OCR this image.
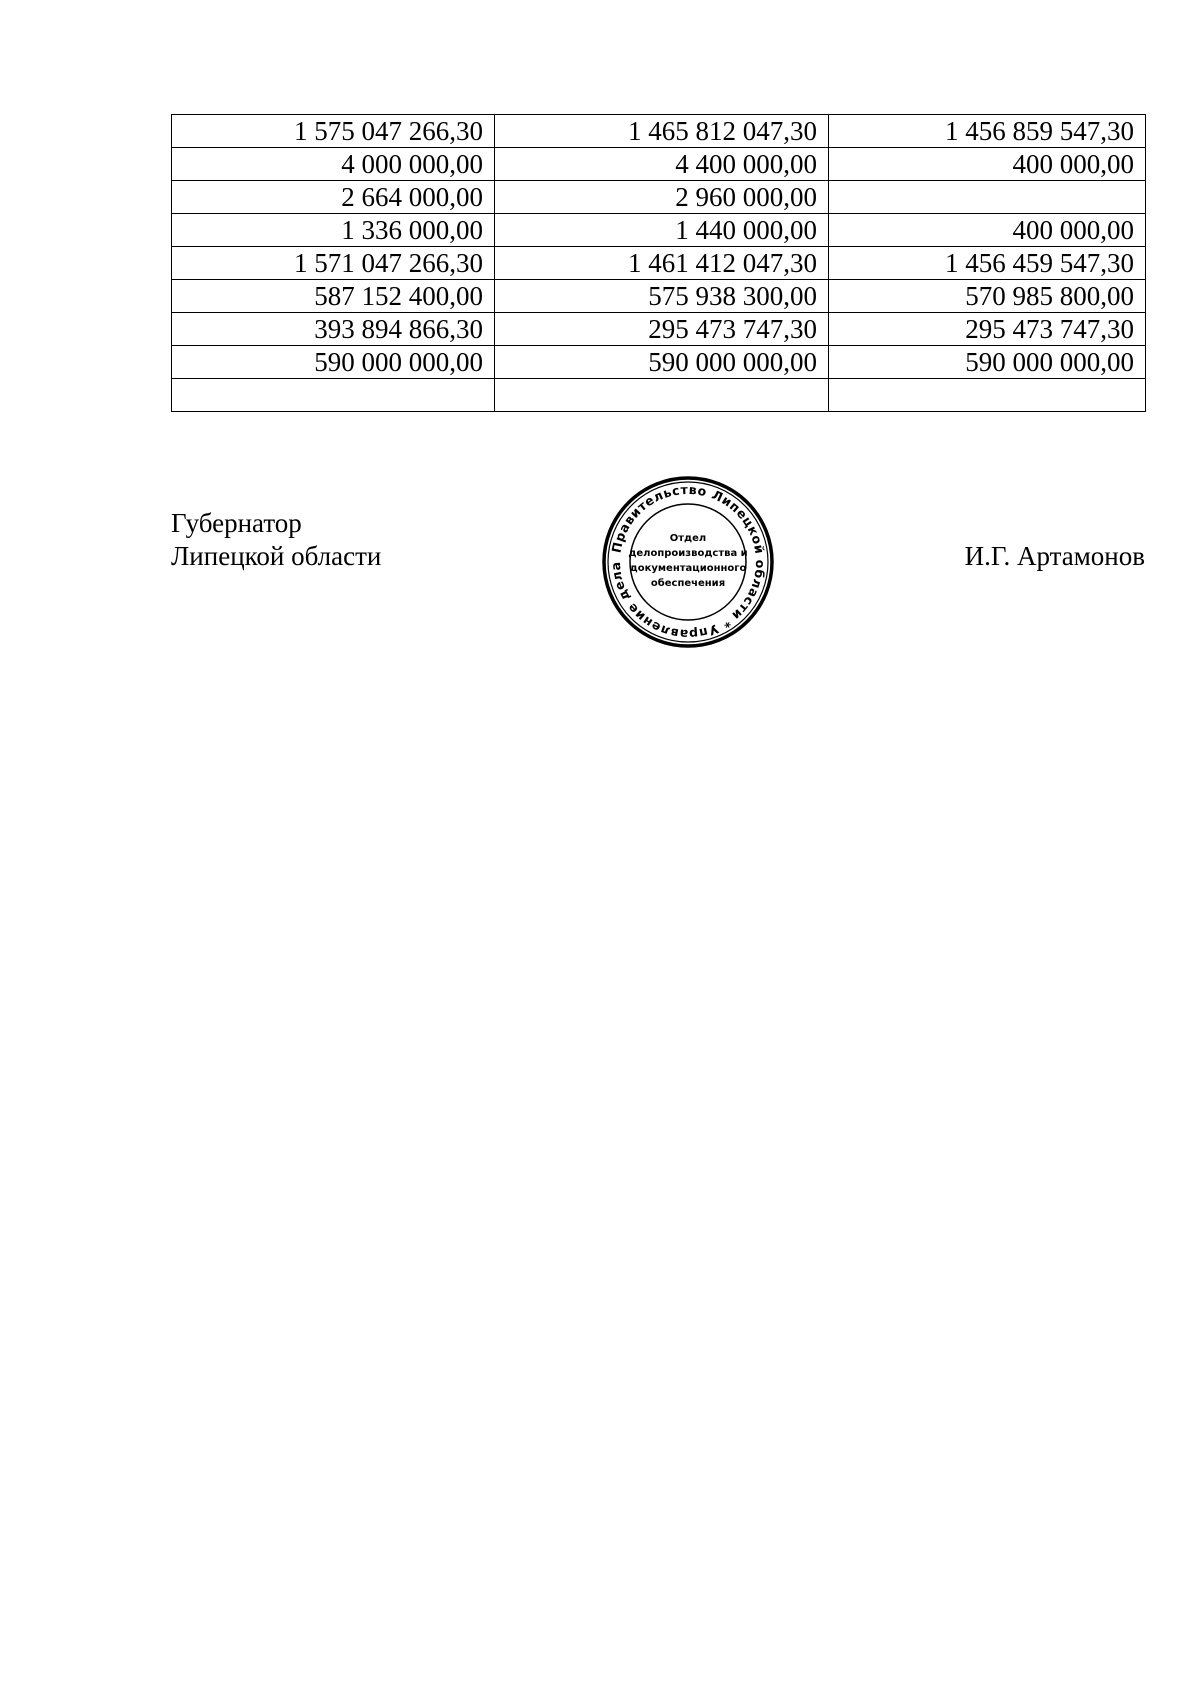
1 575 047 266,30	1 465 812 047,30	1 456 859 547,30
4 000 000,00	4 400 000,00	400 000,00
2 664 000,00	2 960 000,00	
1 336 000,00	1 440 000,00	400 000,00
1 571 047 266,30	1 461 412 047,30	1 456 459 547,30
587 152 400,00	575 938 300,00	570 985 800,00
393 894 866,30	295 473 747,30	295 473 747,30
590 000 000,00	590 000 000,00	590 000 000,00

Губернатор
Липецкой области	Правительство Липецкой области * Управление дела
Отдел
делопроизводства и
документационного
обеспечения
И.Г. Артамонов
